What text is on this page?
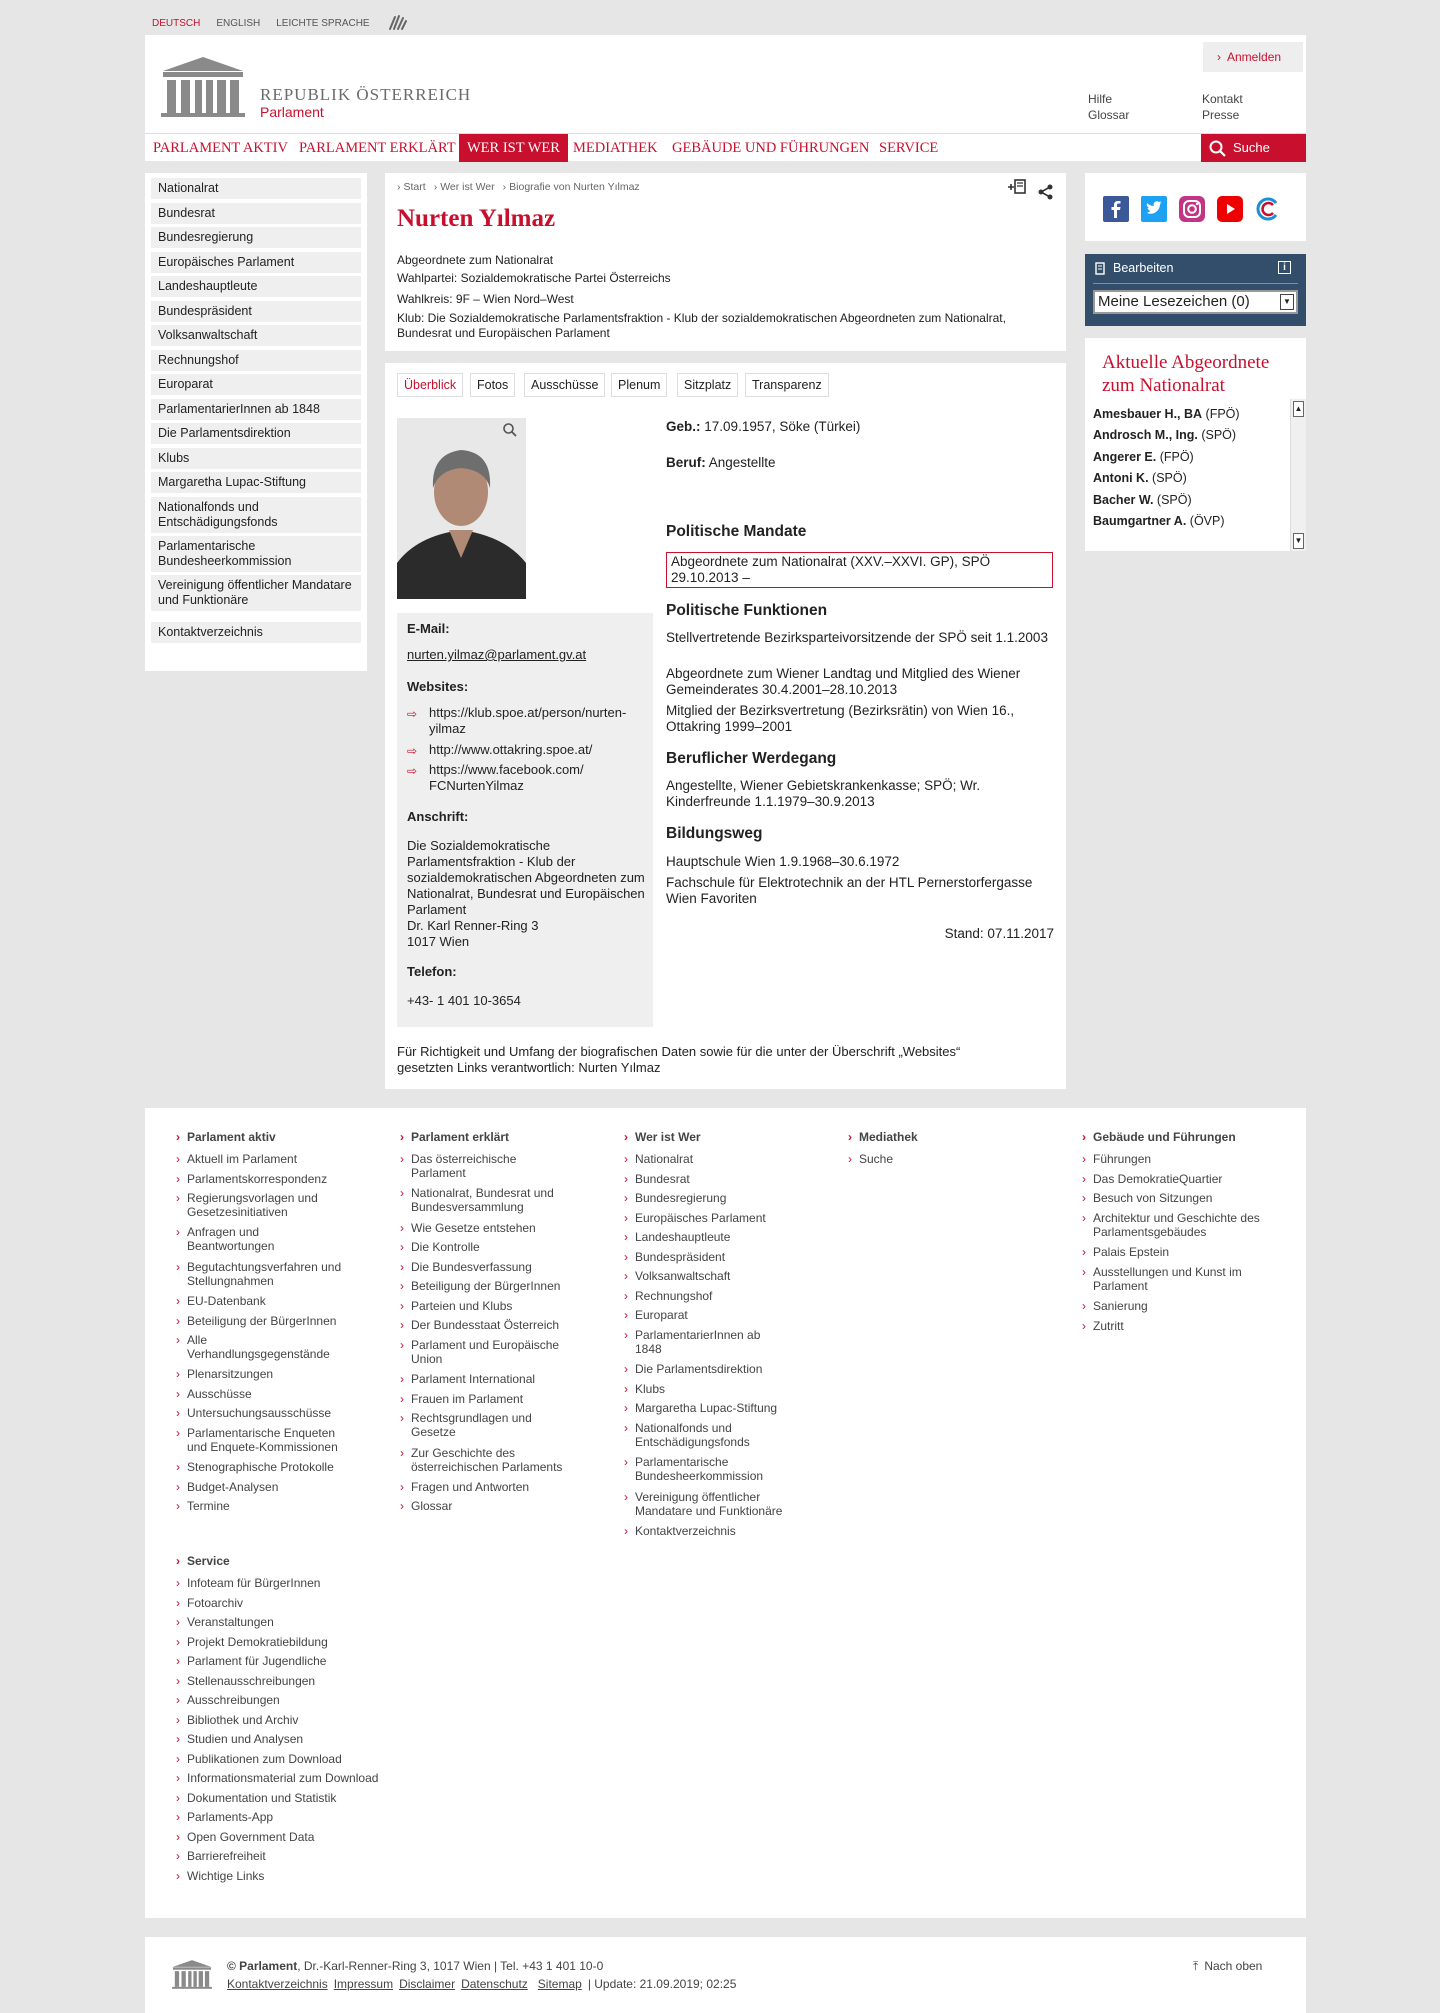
DEUTSCH ENGLISH LEICHTE SPRACHE
REPUBLIK ÖSTERREICH
Parlament
› Anmelden
Hilfe
Glossar
Kontakt
Presse
PARLAMENT AKTIV PARLAMENT ERKLÄRT WER IST WER MEDIATHEK GEBÄUDE UND FÜHRUNGEN SERVICE	Suche
Nationalrat
Bundesrat
Bundesregierung
Europäisches Parlament
Landeshauptleute
Bundespräsident
Volksanwaltschaft
Rechnungshof
Europarat
ParlamentarierInnen ab 1848
Die Parlamentsdirektion
Klubs
Margaretha Lupac-Stiftung
Nationalfonds und Entschädigungsfonds
Parlamentarische Bundesheerkommission
Vereinigung öffentlicher Mandatare und Funktionäre
Kontaktverzeichnis
› Start	› Wer ist Wer	› Biografie von Nurten Yılmaz
Nurten Yılmaz
Abgeordnete zum Nationalrat
Wahlpartei: Sozialdemokratische Partei Österreichs
Wahlkreis: 9F – Wien Nord–West
Klub: Die Sozialdemokratische Parlamentsfraktion - Klub der sozialdemokratischen Abgeordneten zum Nationalrat, Bundesrat und Europäischen Parlament
Überblick	Fotos	Ausschüsse	Plenum	Sitzplatz	Transparenz
E-Mail:
nurten.yilmaz@parlament.gv.at
Websites:
⇨ https://klub.spoe.at/person/nurten-yilmaz
⇨ http://www.ottakring.spoe.at/
⇨ https://www.facebook.com/ FCNurtenYilmaz
Anschrift:
Die Sozialdemokratische Parlamentsfraktion - Klub der sozialdemokratischen Abgeordneten zum Nationalrat, Bundesrat und Europäischen Parlament
Dr. Karl Renner-Ring 3
1017 Wien
Telefon:
+43- 1 401 10-3654
Geb.: 17.09.1957, Söke (Türkei)
Beruf: Angestellte
Politische Mandate
Abgeordnete zum Nationalrat (XXV.–XXVI. GP), SPÖ 29.10.2013 –
Politische Funktionen
Stellvertretende Bezirksparteivorsitzende der SPÖ seit 1.1.2003
Abgeordnete zum Wiener Landtag und Mitglied des Wiener Gemeinderates 30.4.2001–28.10.2013
Mitglied der Bezirksvertretung (Bezirksrätin) von Wien 16., Ottakring 1999–2001
Beruflicher Werdegang
Angestellte, Wiener Gebietskrankenkasse; SPÖ; Wr. Kinderfreunde 1.1.1979–30.9.2013
Bildungsweg
Hauptschule Wien 1.9.1968–30.6.1972
Fachschule für Elektrotechnik an der HTL Pernerstorfergasse Wien Favoriten
Stand: 07.11.2017
Für Richtigkeit und Umfang der biografischen Daten sowie für die unter der Überschrift „Websites“ gesetzten Links verantwortlich: Nurten Yılmaz
Bearbeiten	i
Meine Lesezeichen (0)	▼
Aktuelle Abgeordnete zum Nationalrat
Amesbauer H., BA (FPÖ)
Androsch M., Ing. (SPÖ)
Angerer E. (FPÖ)
Antoni K. (SPÖ)
Bacher W. (SPÖ)
Baumgartner A. (ÖVP)
▲
▼
› Parlament aktiv
› Aktuell im Parlament
› Parlamentskorrespondenz
› Regierungsvorlagen und Gesetzesinitiativen
› Anfragen und Beantwortungen
› Begutachtungsverfahren und Stellungnahmen
› EU-Datenbank
› Beteiligung der BürgerInnen
› Alle Verhandlungsgegenstände
› Plenarsitzungen
› Ausschüsse
› Untersuchungsausschüsse
› Parlamentarische Enqueten und Enquete-Kommissionen
› Stenographische Protokolle
› Budget-Analysen
› Termine
› Parlament erklärt
› Das österreichische Parlament
› Nationalrat, Bundesrat und Bundesversammlung
› Wie Gesetze entstehen
› Die Kontrolle
› Die Bundesverfassung
› Beteiligung der BürgerInnen
› Parteien und Klubs
› Der Bundesstaat Österreich
› Parlament und Europäische Union
› Parlament International
› Frauen im Parlament
› Rechtsgrundlagen und Gesetze
› Zur Geschichte des österreichischen Parlaments
› Fragen und Antworten
› Glossar
› Wer ist Wer
› Nationalrat
› Bundesrat
› Bundesregierung
› Europäisches Parlament
› Landeshauptleute
› Bundespräsident
› Volksanwaltschaft
› Rechnungshof
› Europarat
› ParlamentarierInnen ab 1848
› Die Parlamentsdirektion
› Klubs
› Margaretha Lupac-Stiftung
› Nationalfonds und Entschädigungsfonds
› Parlamentarische Bundesheerkommission
› Vereinigung öffentlicher Mandatare und Funktionäre
› Kontaktverzeichnis
› Mediathek
› Suche
› Gebäude und Führungen
› Führungen
› Das DemokratieQuartier
› Besuch von Sitzungen
› Architektur und Geschichte des Parlamentsgebäudes
› Palais Epstein
› Ausstellungen und Kunst im Parlament
› Sanierung
› Zutritt
› Service
› Infoteam für BürgerInnen
› Fotoarchiv
› Veranstaltungen
› Projekt Demokratiebildung
› Parlament für Jugendliche
› Stellenausschreibungen
› Ausschreibungen
› Bibliothek und Archiv
› Studien und Analysen
› Publikationen zum Download
› Informationsmaterial zum Download
› Dokumentation und Statistik
› Parlaments-App
› Open Government Data
› Barrierefreiheit
› Wichtige Links
© Parlament, Dr.-Karl-Renner-Ring 3, 1017 Wien | Tel. +43 1 401 10-0
Kontaktverzeichnis Impressum Disclaimer Datenschutz Sitemap | Update: 21.09.2019; 02:25
⤒ Nach oben
